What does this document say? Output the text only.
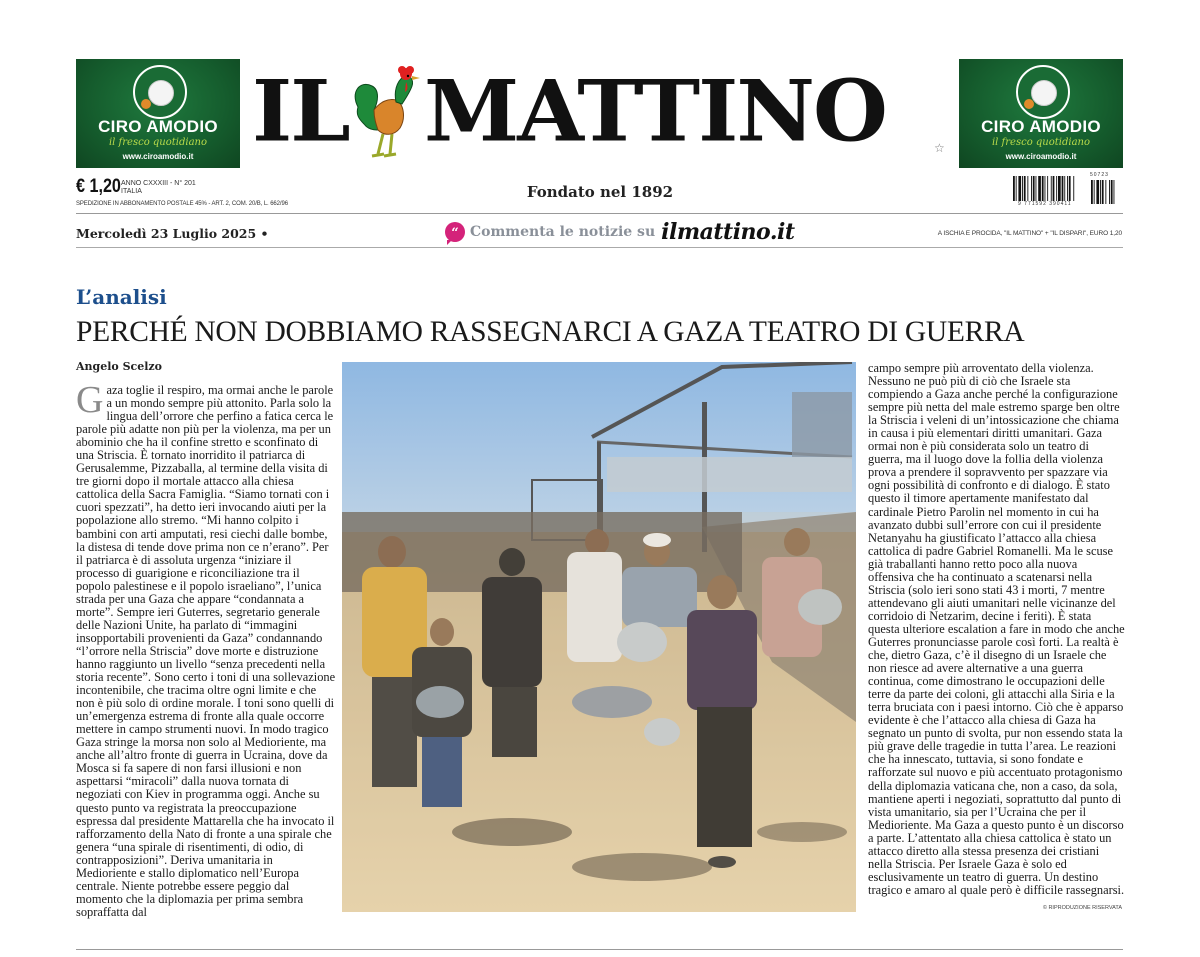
CIRO AMODIO
il fresco quotidiano
www.ciroamodio.it
CIRO AMODIO
il fresco quotidiano
www.ciroamodio.it
IL MATTINO	☆
€ 1,20 ANNO CXXXIII - N° 201
ITALIA
SPEDIZIONE IN ABBONAMENTO POSTALE 45% - ART. 2, COM. 20/B, L. 662/96
Fondato nel 1892
9 771592 390411
50723
Mercoledì 23 Luglio 2025 •	“ Commenta le notizie su ilmattino.it	A ISCHIA E PROCIDA, "IL MATTINO" + "IL DISPARI", EURO 1,20
L’analisi
PERCHÉ NON DOBBIAMO RASSEGNARCI A GAZA TEATRO DI GUERRA
Angelo Scelzo

Gaza toglie il respiro, ma ormai anche le parole a un mondo sempre più attonito. Parla solo la lingua dell’orrore che perfino a fatica cerca le parole più adatte non più per la violenza, ma per un abominio che ha il confine stretto e sconfinato di una Striscia. È tornato inorridito il patriarca di Gerusalemme, Pizzaballa, al termine della visita di tre giorni dopo il mortale attacco alla chiesa cattolica della Sacra Famiglia. “Siamo tornati con i cuori spezzati”, ha detto ieri invocando aiuti per la popolazione allo stremo. “Mi hanno colpito i bambini con arti amputati, resi ciechi dalle bombe, la distesa di tende dove prima non ce n’erano”. Per il patriarca è di assoluta urgenza “iniziare il processo di guarigione e riconciliazione tra il popolo palestinese e il popolo israeliano”, l’unica strada per una Gaza che appare “condannata a morte”. Sempre ieri Guterres, segretario generale delle Nazioni Unite, ha parlato di “immagini insopportabili provenienti da Gaza” condannando “l’orrore nella Striscia” dove morte e distruzione hanno raggiunto un livello “senza precedenti nella storia recente”. Sono certo i toni di una sollevazione incontenibile, che tracima oltre ogni limite e che non è più solo di ordine morale. I toni sono quelli di un’emergenza estrema di fronte alla quale occorre mettere in campo strumenti nuovi. In modo tragico Gaza stringe la morsa non solo al Medioriente, ma anche all’altro fronte di guerra in Ucraina, dove da Mosca si fa sapere di non farsi illusioni e non aspettarsi “miracoli” dalla nuova tornata di negoziati con Kiev in programma oggi. Anche su questo punto va registrata la preoccupazione espressa dal presidente Mattarella che ha invocato il rafforzamento della Nato di fronte a una spirale che genera “una spirale di risentimenti, di odio, di contrapposizioni”. Deriva umanitaria in Medioriente e stallo diplomatico nell’Europa centrale. Niente potrebbe essere peggio dal momento che la diplomazia per prima sembra sopraffatta dal

campo sempre più arroventato della violenza. Nessuno ne può più di ciò che Israele sta compiendo a Gaza anche perché la configurazione sempre più netta del male estremo sparge ben oltre la Striscia i veleni di un’intossicazione che chiama in causa i più elementari diritti umanitari. Gaza ormai non è più considerata solo un teatro di guerra, ma il luogo dove la follia della violenza prova a prendere il sopravvento per spazzare via ogni possibilità di confronto e di dialogo. È stato questo il timore apertamente manifestato dal cardinale Pietro Parolin nel momento in cui ha avanzato dubbi sull’errore con cui il presidente Netanyahu ha giustificato l’attacco alla chiesa cattolica di padre Gabriel Romanelli. Ma le scuse già traballanti hanno retto poco alla nuova offensiva che ha continuato a scatenarsi nella Striscia (solo ieri sono stati 43 i morti, 7 mentre attendevano gli aiuti umanitari nelle vicinanze del corridoio di Netzarim, decine i feriti). È stata questa ulteriore escalation a fare in modo che anche Guterres pronunciasse parole così forti. La realtà è che, dietro Gaza, c’è il disegno di un Israele che non riesce ad avere alternative a una guerra continua, come dimostrano le occupazioni delle terre da parte dei coloni, gli attacchi alla Siria e la terra bruciata con i paesi intorno. Ciò che è apparso evidente è che l’attacco alla chiesa di Gaza ha segnato un punto di svolta, pur non essendo stata la più grave delle tragedie in tutta l’area. Le reazioni che ha innescato, tuttavia, si sono fondate e rafforzate sul nuovo e più accentuato protagonismo della diplomazia vaticana che, non a caso, da sola, mantiene aperti i negoziati, soprattutto dal punto di vista umanitario, sia per l’Ucraina che per il Medioriente. Ma Gaza a questo punto è un discorso a parte. L’attentato alla chiesa cattolica è stato un attacco diretto alla stessa presenza dei cristiani nella Striscia. Per Israele Gaza è solo ed esclusivamente un teatro di guerra. Un destino tragico e amaro al quale però è difficile rassegnarsi.

© RIPRODUZIONE RISERVATA
